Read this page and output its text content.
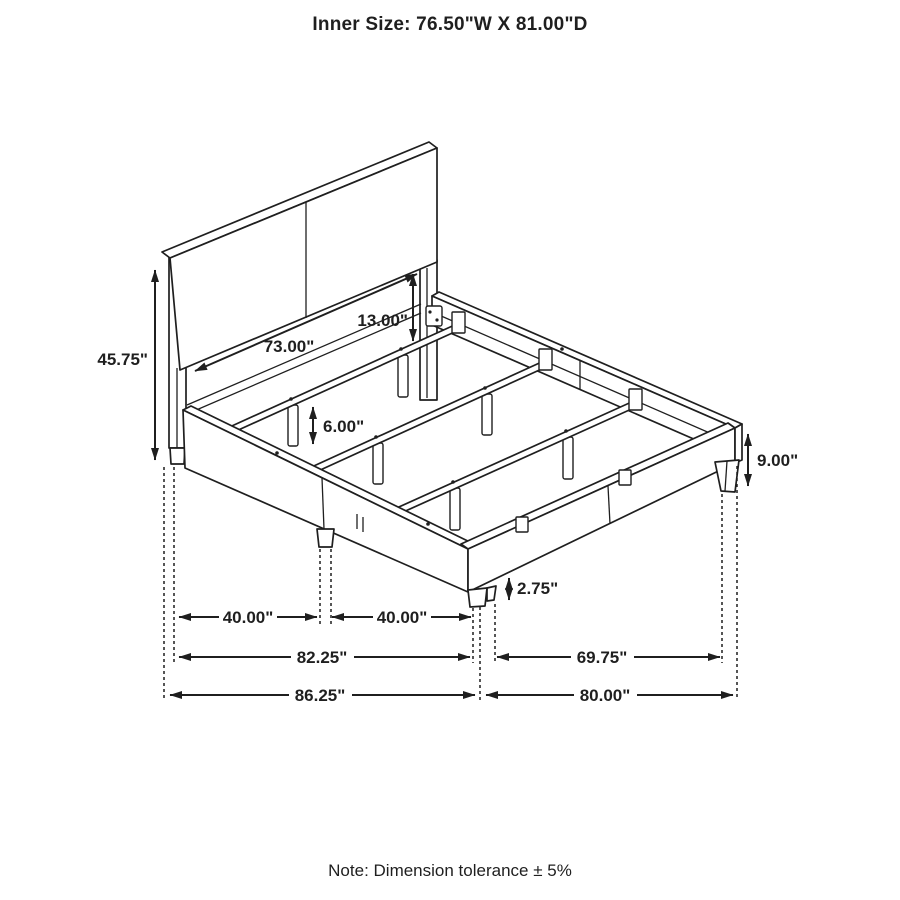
45.75"
73.00"
13.00"
6.00"
9.00"
2.75"
40.00"	40.00"
82.25"	69.75"
86.25"	80.00"
Inner Size: 76.50"W X 81.00"D
Note: Dimension tolerance ± 5%
